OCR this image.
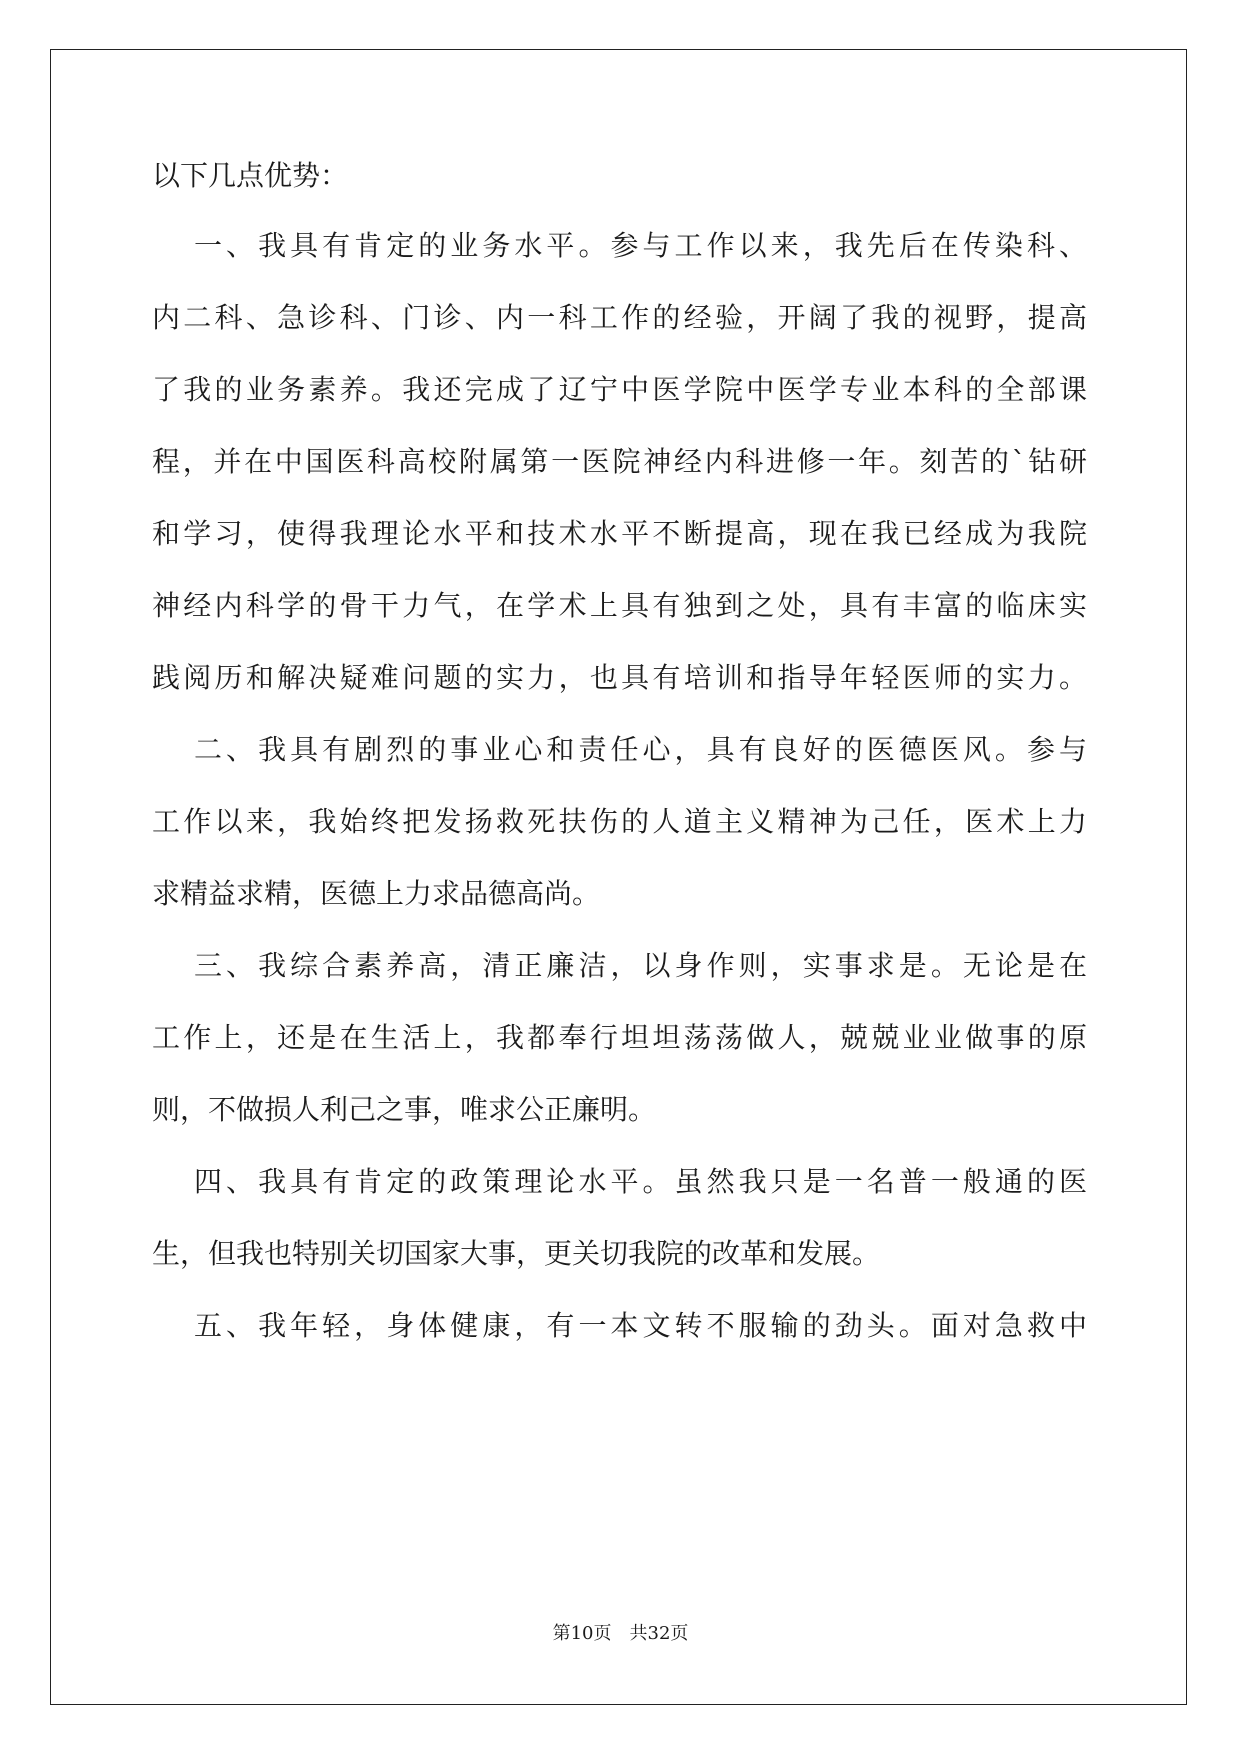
以下几点优势：
一、我具有肯定的业务水平。参与工作以来，我先后在传染科、
内二科、急诊科、门诊、内一科工作的经验，开阔了我的视野，提高
了我的业务素养。我还完成了辽宁中医学院中医学专业本科的全部课
程，并在中国医科高校附属第一医院神经内科进修一年。刻苦的`钻研
和学习，使得我理论水平和技术水平不断提高，现在我已经成为我院
神经内科学的骨干力气，在学术上具有独到之处，具有丰富的临床实
践阅历和解决疑难问题的实力，也具有培训和指导年轻医师的实力。
二、我具有剧烈的事业心和责任心，具有良好的医德医风。参与
工作以来，我始终把发扬救死扶伤的人道主义精神为己任，医术上力
求精益求精，医德上力求品德高尚。
三、我综合素养高，清正廉洁，以身作则，实事求是。无论是在
工作上，还是在生活上，我都奉行坦坦荡荡做人，兢兢业业做事的原
则，不做损人利己之事，唯求公正廉明。
四、我具有肯定的政策理论水平。虽然我只是一名普一般通的医
生，但我也特别关切国家大事，更关切我院的改革和发展。
五、我年轻，身体健康，有一本文转不服输的劲头。面对急救中
第10页　共32页
